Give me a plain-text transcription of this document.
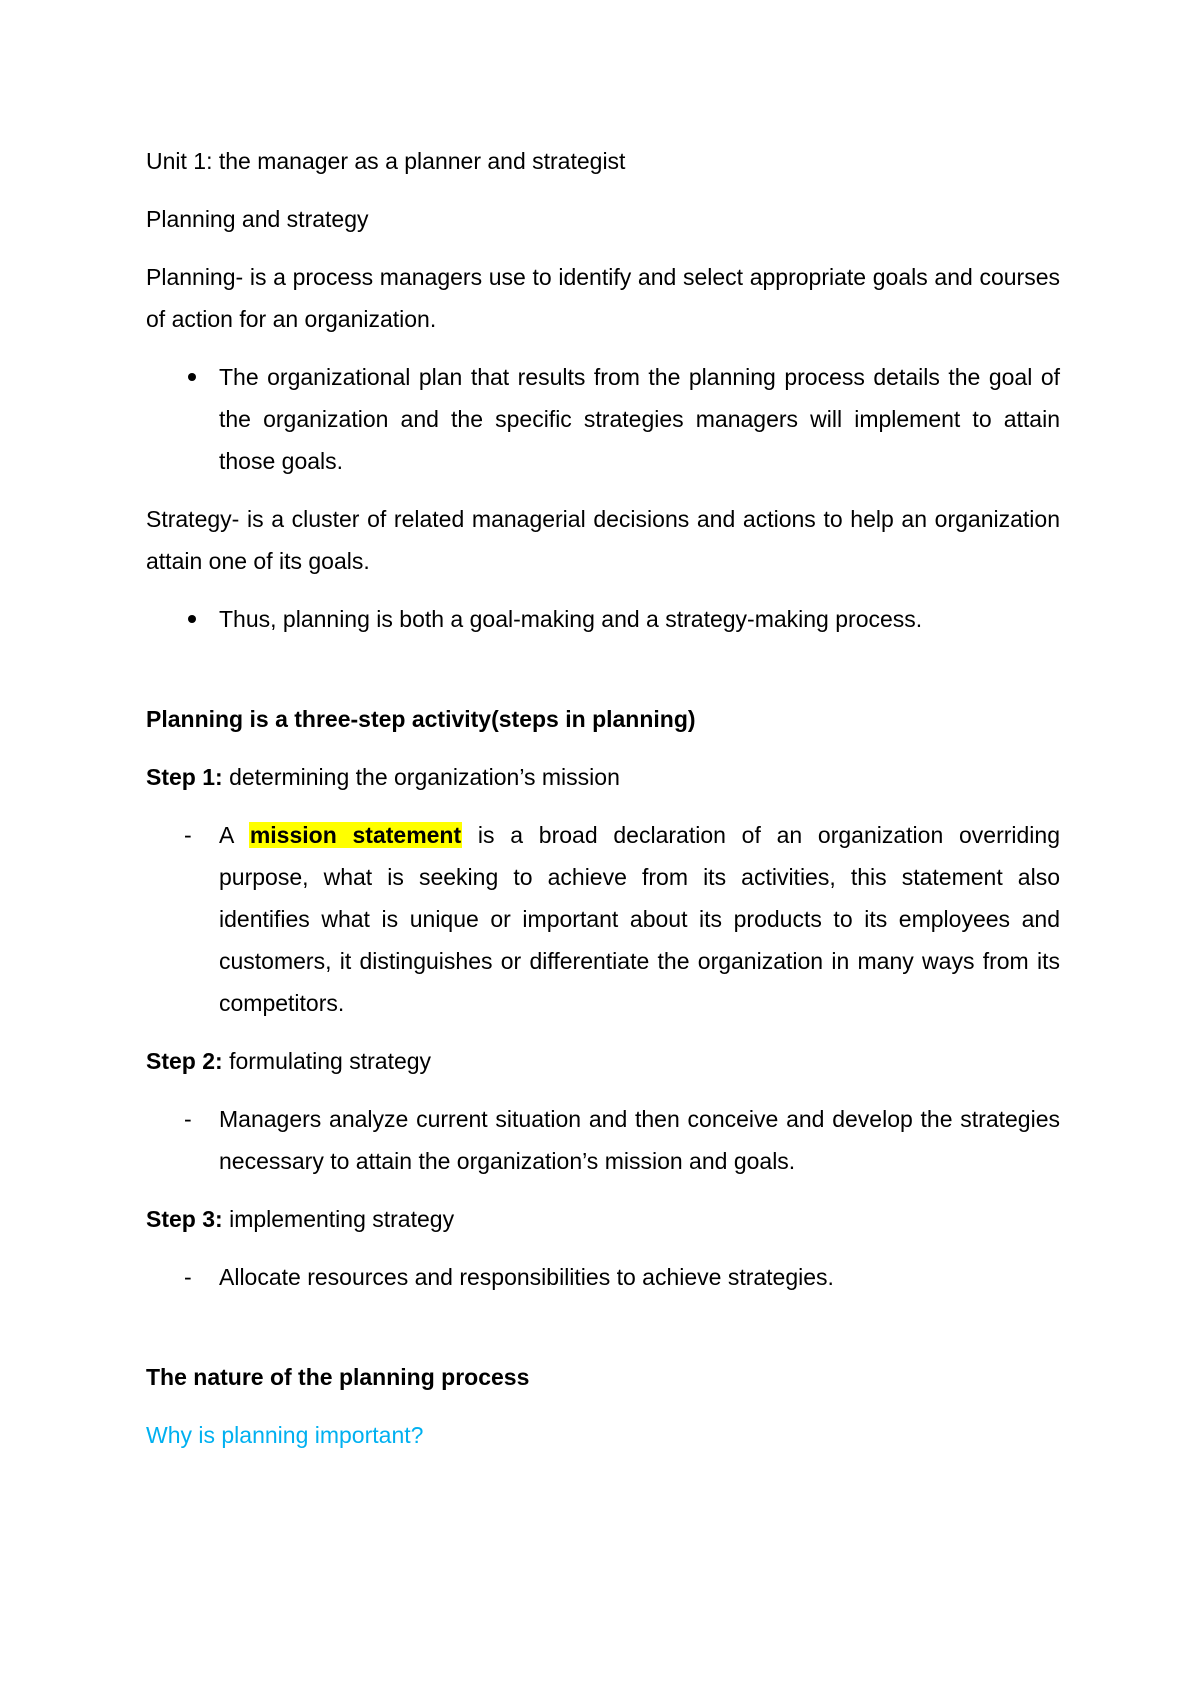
Unit 1: the manager as a planner and strategist

Planning and strategy

Planning- is a process managers use to identify and select appropriate goals and courses of action for an organization.

The organizational plan that results from the planning process details the goal of the organization and the specific strategies managers will implement to attain those goals.

Strategy- is a cluster of related managerial decisions and actions to help an organization attain one of its goals.

Thus, planning is both a goal-making and a strategy-making process.

Planning is a three-step activity(steps in planning)

Step 1: determining the organization’s mission

-	A mission statement is a broad declaration of an organization overriding purpose, what is seeking to achieve from its activities, this statement also identifies what is unique or important about its products to its employees and customers, it distinguishes or differentiate the organization in many ways from its competitors.

Step 2: formulating strategy

-	Managers analyze current situation and then conceive and develop the strategies necessary to attain the organization’s mission and goals.

Step 3: implementing strategy

-	Allocate resources and responsibilities to achieve strategies.

The nature of the planning process

Why is planning important?
